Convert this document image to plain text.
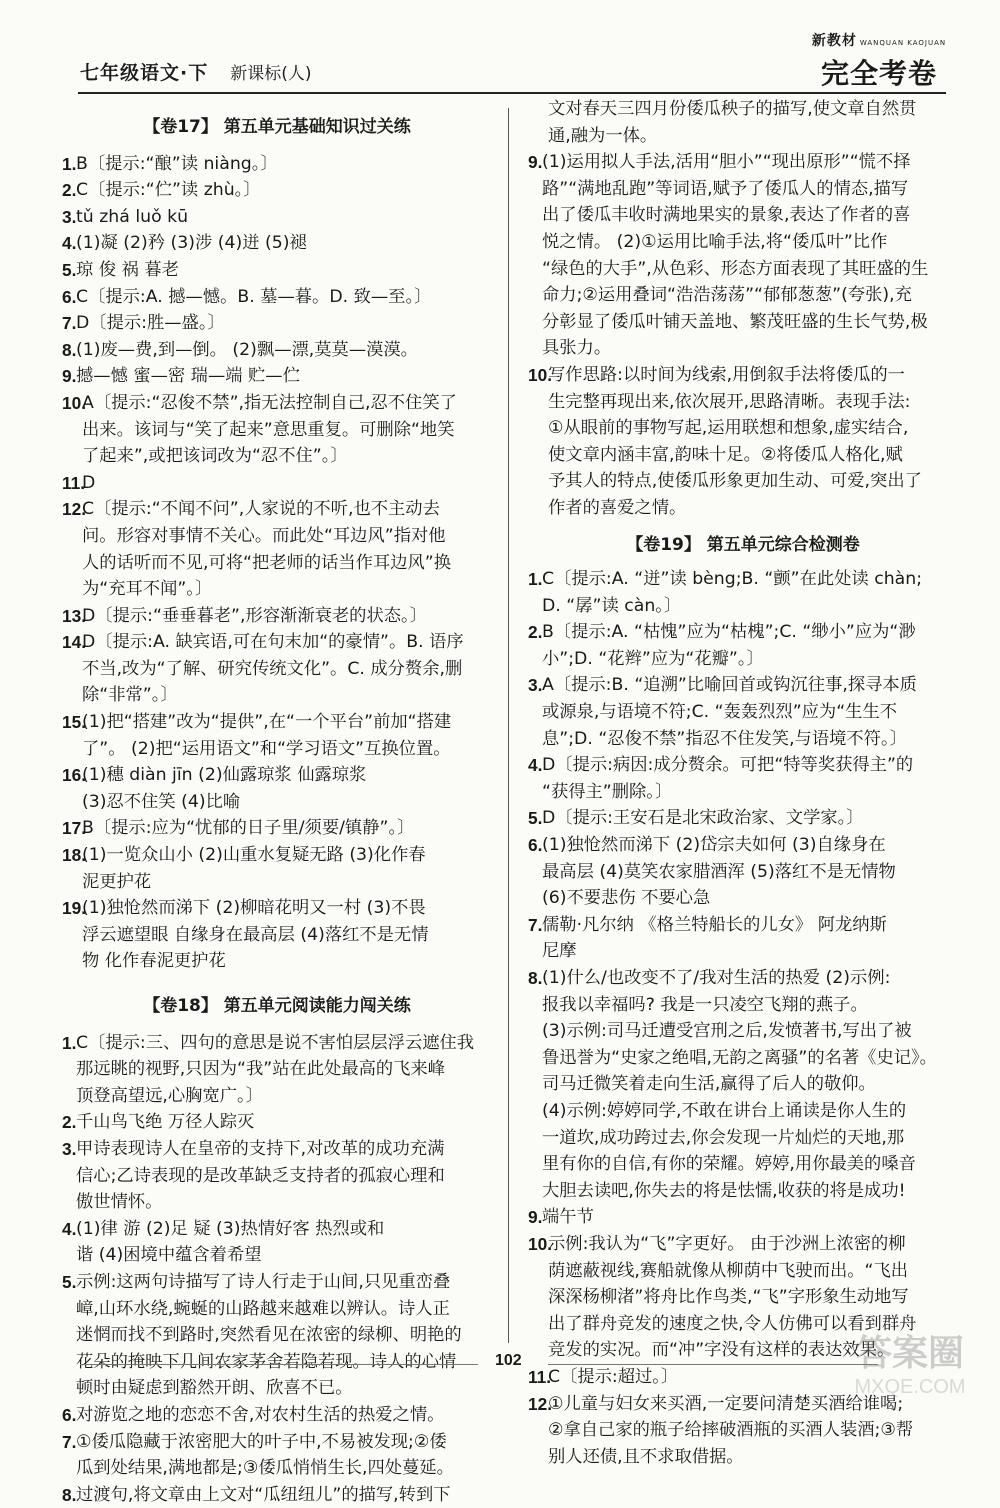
七年级语文·下 新课标(人)
新教材 WANQUAN KAOJUAN
完全考卷
【卷17】 第五单元基础知识过关练
1. B〔提示:“酿”读 niàng。〕
2. C〔提示:“伫”读 zhù。〕
3. tǔ zhá luǒ kū
4. (1)凝 (2)矜 (3)涉 (4)迸 (5)褪
5. 琼 俊 祸 暮老
6. C〔提示:A. 撼—憾。B. 墓—暮。D. 致—至。〕
7. D〔提示:胜—盛。〕
8. (1)废—费,到—倒。 (2)飘—漂,莫莫—漠漠。
9. 撼—憾 蜜—密 瑞—端 贮—伫
10.
A〔提示:“忍俊不禁”,指无法控制自己,忍不住笑了
出来。该词与“笑了起来”意思重复。可删除“地笑
了起来”,或把该词改为“忍不住”。〕
11.
D
12.
C〔提示:“不闻不问”,人家说的不听,也不主动去
问。形容对事情不关心。而此处“耳边风”指对他
人的话听而不见,可将“把老师的话当作耳边风”换
为“充耳不闻”。〕
13.
D〔提示:“垂垂暮老”,形容渐渐衰老的状态。〕
14.
D〔提示:A. 缺宾语,可在句末加“的豪情”。B. 语序
不当,改为“了解、研究传统文化”。C. 成分赘余,删
除“非常”。〕
15.
(1)把“搭建”改为“提供”,在“一个平台”前加“搭建
了”。 (2)把“运用语文”和“学习语文”互换位置。
16.
(1)穗 diàn jīn (2)仙露琼浆 仙露琼浆
(3)忍不住笑 (4)比喻
17.
B〔提示:应为“忧郁的日子里/须要/镇静”。〕
18.
(1)一览众山小 (2)山重水复疑无路 (3)化作春
泥更护花
19.
(1)独怆然而涕下 (2)柳暗花明又一村 (3)不畏
浮云遮望眼 自缘身在最高层 (4)落红不是无情
物 化作春泥更护花
【卷18】 第五单元阅读能力闯关练
1. C〔提示:三、四句的意思是说不害怕层层浮云遮住我
那远眺的视野,只因为“我”站在此处最高的飞来峰
顶登高望远,心胸宽广。〕
2. 千山鸟飞绝 万径人踪灭
3. 甲诗表现诗人在皇帝的支持下,对改革的成功充满
信心;乙诗表现的是改革缺乏支持者的孤寂心理和
傲世情怀。
4. (1)律 游 (2)足 疑 (3)热情好客 热烈或和
谐 (4)困境中蕴含着希望
5. 示例:这两句诗描写了诗人行走于山间,只见重峦叠
嶂,山环水绕,蜿蜒的山路越来越难以辨认。诗人正
迷惘而找不到路时,突然看见在浓密的绿柳、明艳的
花朵的掩映下几间农家茅舍若隐若现。诗人的心情
顿时由疑虑到豁然开朗、欣喜不已。
6. 对游览之地的恋恋不舍,对农村生活的热爱之情。
7. ①倭瓜隐藏于浓密肥大的叶子中,不易被发现;②倭
瓜到处结果,满地都是;③倭瓜悄悄生长,四处蔓延。
8. 过渡句,将文章由上文对“瓜纽纽儿”的描写,转到下
文对春天三四月份倭瓜秧子的描写,使文章自然贯
通,融为一体。
9. (1)运用拟人手法,活用“胆小”“现出原形”“慌不择
路”“满地乱跑”等词语,赋予了倭瓜人的情态,描写
出了倭瓜丰收时满地果实的景象,表达了作者的喜
悦之情。 (2)①运用比喻手法,将“倭瓜叶”比作
“绿色的大手”,从色彩、形态方面表现了其旺盛的生
命力;②运用叠词“浩浩荡荡”“郁郁葱葱”(夸张),充
分彰显了倭瓜叶铺天盖地、繁茂旺盛的生长气势,极
具张力。
10.
写作思路:以时间为线索,用倒叙手法将倭瓜的一
生完整再现出来,依次展开,思路清晰。表现手法:
①从眼前的事物写起,运用联想和想象,虚实结合,
使文章内涵丰富,韵味十足。②将倭瓜人格化,赋
予其人的特点,使倭瓜形象更加生动、可爱,突出了
作者的喜爱之情。
【卷19】 第五单元综合检测卷
1. C〔提示:A. “迸”读 bèng;B. “颤”在此处读 chàn;
D. “孱”读 càn。〕
2. B〔提示:A. “枯愧”应为“枯槐”;C. “缈小”应为“渺
小”;D. “花辫”应为“花瓣”。〕
3. A〔提示:B. “追溯”比喻回首或钩沉往事,探寻本质
或源泉,与语境不符;C. “轰轰烈烈”应为“生生不
息”;D. “忍俊不禁”指忍不住发笑,与语境不符。〕
4. D〔提示:病因:成分赘余。可把“特等奖获得主”的
“获得主”删除。〕
5. D〔提示:王安石是北宋政治家、文学家。〕
6. (1)独怆然而涕下 (2)岱宗夫如何 (3)自缘身在
最高层 (4)莫笑农家腊酒浑 (5)落红不是无情物
(6)不要悲伤 不要心急
7. 儒勒·凡尔纳 《格兰特船长的儿女》 阿龙纳斯
尼摩
8. (1)什么/也改变不了/我对生活的热爱 (2)示例:
报我以幸福吗? 我是一只凌空飞翔的燕子。
(3)示例:司马迁遭受宫刑之后,发愤著书,写出了被
鲁迅誉为“史家之绝唱,无韵之离骚”的名著《史记》。
司马迁微笑着走向生活,赢得了后人的敬仰。
(4)示例:婷婷同学,不敢在讲台上诵读是你人生的
一道坎,成功跨过去,你会发现一片灿烂的天地,那
里有你的自信,有你的荣耀。婷婷,用你最美的嗓音
大胆去读吧,你失去的将是怯懦,收获的将是成功!
9. 端午节
10.
示例:我认为“飞”字更好。 由于沙洲上浓密的柳
荫遮蔽视线,赛船就像从柳荫中飞驶而出。“飞出
深深杨柳渚”将舟比作鸟类,“飞”字形象生动地写
出了群舟竞发的速度之快,令人仿佛可以看到群舟
竞发的实况。而“冲”字没有这样的表达效果。
11.
C〔提示:超过。〕
12.
①儿童与妇女来买酒,一定要问清楚买酒给谁喝;
②拿自己家的瓶子给摔破酒瓶的买酒人装酒;③帮
别人还债,且不求取借据。
102	答案圈
MXQE.COM
